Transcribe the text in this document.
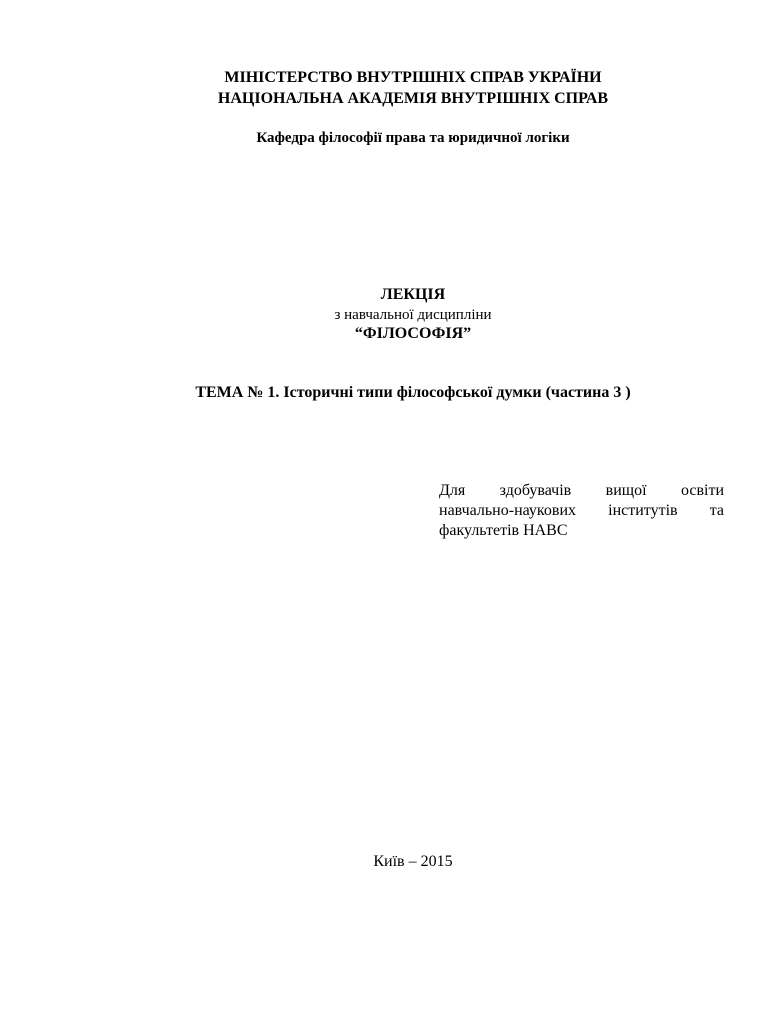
МІНІСТЕРСТВО ВНУТРІШНІХ СПРАВ УКРАЇНИ
НАЦІОНАЛЬНА АКАДЕМІЯ ВНУТРІШНІХ СПРАВ
Кафедра філософії права та юридичної логіки
ЛЕКЦІЯ
з навчальної дисципліни
“ФІЛОСОФІЯ”
ТЕМА № 1. Історичні типи філософської думки (частина 3 )
Для здобувачів вищої освіти
навчально-наукових інститутів та
факультетів НАВС
Київ – 2015
